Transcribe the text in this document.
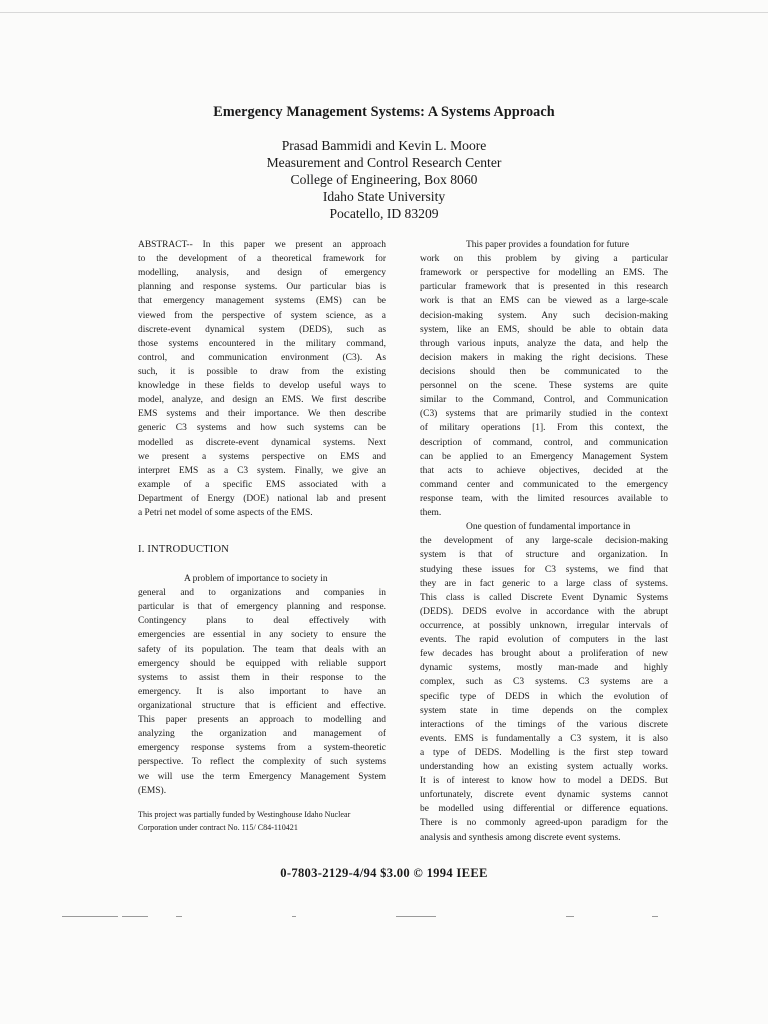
Emergency Management Systems: A Systems Approach
Prasad Bammidi and Kevin L. Moore
Measurement and Control Research Center
College of Engineering, Box 8060
Idaho State University
Pocatello, ID 83209
ABSTRACT-- In this paper we present an approach
to the development of a theoretical framework for
modelling, analysis, and design of emergency
planning and response systems. Our particular bias is
that emergency management systems (EMS) can be
viewed from the perspective of system science, as a
discrete-event dynamical system (DEDS), such as
those systems encountered in the military command,
control, and communication environment (C3). As
such, it is possible to draw from the existing
knowledge in these fields to develop useful ways to
model, analyze, and design an EMS. We first describe
EMS systems and their importance. We then describe
generic C3 systems and how such systems can be
modelled as discrete-event dynamical systems. Next
we present a systems perspective on EMS and
interpret EMS as a C3 system. Finally, we give an
example of a specific EMS associated with a
Department of Energy (DOE) national lab and present
a Petri net model of some aspects of the EMS.
I. INTRODUCTION
A problem of importance to society in
general and to organizations and companies in
particular is that of emergency planning and response.
Contingency plans to deal effectively with
emergencies are essential in any society to ensure the
safety of its population. The team that deals with an
emergency should be equipped with reliable support
systems to assist them in their response to the
emergency. It is also important to have an
organizational structure that is efficient and effective.
This paper presents an approach to modelling and
analyzing the organization and management of
emergency response systems from a system-theoretic
perspective. To reflect the complexity of such systems
we will use the term Emergency Management System
(EMS).
This project was partially funded by Westinghouse Idaho Nuclear
Corporation under contract No. 115/ C84-110421
This paper provides a foundation for future
work on this problem by giving a particular
framework or perspective for modelling an EMS. The
particular framework that is presented in this research
work is that an EMS can be viewed as a large-scale
decision-making system. Any such decision-making
system, like an EMS, should be able to obtain data
through various inputs, analyze the data, and help the
decision makers in making the right decisions. These
decisions should then be communicated to the
personnel on the scene. These systems are quite
similar to the Command, Control, and Communication
(C3) systems that are primarily studied in the context
of military operations [1]. From this context, the
description of command, control, and communication
can be applied to an Emergency Management System
that acts to achieve objectives, decided at the
command center and communicated to the emergency
response team, with the limited resources available to
them.
One question of fundamental importance in
the development of any large-scale decision-making
system is that of structure and organization. In
studying these issues for C3 systems, we find that
they are in fact generic to a large class of systems.
This class is called Discrete Event Dynamic Systems
(DEDS). DEDS evolve in accordance with the abrupt
occurrence, at possibly unknown, irregular intervals of
events. The rapid evolution of computers in the last
few decades has brought about a proliferation of new
dynamic systems, mostly man-made and highly
complex, such as C3 systems. C3 systems are a
specific type of DEDS in which the evolution of
system state in time depends on the complex
interactions of the timings of the various discrete
events. EMS is fundamentally a C3 system, it is also
a type of DEDS. Modelling is the first step toward
understanding how an existing system actually works.
It is of interest to know how to model a DEDS. But
unfortunately, discrete event dynamic systems cannot
be modelled using differential or difference equations.
There is no commonly agreed-upon paradigm for the
analysis and synthesis among discrete event systems.
0-7803-2129-4/94 $3.00 © 1994 IEEE
